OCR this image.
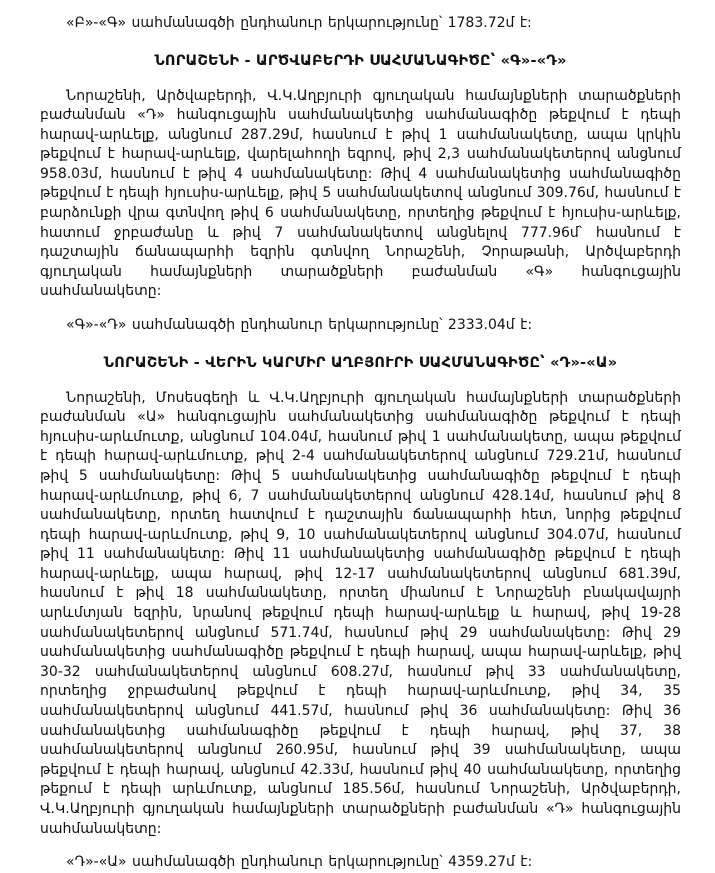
«Բ»-«Գ» սահմանագծի ընդհանուր երկարությունը՝ 1783.72մ է:

ՆՈՐԱՇԵՆԻ - ԱՐԾՎԱԲԵՐԴԻ ՍԱՀՄԱՆԱԳԻԾԸ՝ «Գ»-«Դ»

Նորաշենի, Արծվաբերդի, Վ.Կ.Աղբյուրի գյուղական համայնքների տարածքների բաժանման «Դ» հանգուցային սահմանակետից սահմանագիծը թեքվում է դեպի հարավ-արևելք, անցնում 287.29մ, հասնում է թիվ 1 սահմանակետը, ապա կրկին թեքվում է հարավ-արևելք, վարելահողի եզրով, թիվ 2,3 սահմանակետերով անցնում 958.03մ, հասնում է թիվ 4 սահմանակետը: Թիվ 4 սահմանակետից սահմանագիծը թեքվում է դեպի հյուսիս-արևելք, թիվ 5 սահմանակետով անցնում 309.76մ, հասնում է բարձունքի վրա գտնվող թիվ 6 սահմանակետը, որտեղից թեքվում է հյուսիս-արևելք, հատում ջրբաժանը և թիվ 7 սահմանակետով անցնելով 777.96մ՝ հասնում է դաշտային ճանապարհի եզրին գտնվող Նորաշենի, Չորաթանի, Արծվաբերդի գյուղական համայնքների տարածքների բաժանման «Գ» հանգուցային սահմանակետը:

«Գ»-«Դ» սահմանագծի ընդհանուր երկարությունը՝ 2333.04մ է:

ՆՈՐԱՇԵՆԻ - ՎԵՐԻՆ ԿԱՐՄԻՐ ԱՂԲՅՈՒՐԻ ՍԱՀՄԱՆԱԳԻԾԸ՝ «Դ»-«Ա»

Նորաշենի, Մոսեսգեղի և Վ.Կ.Աղբյուրի գյուղական համայնքների տարածքների բաժանման «Ա» հանգուցային սահմանակետից սահմանագիծը թեքվում է դեպի հյուսիս-արևմուտք, անցնում 104.04մ, հասնում թիվ 1 սահմանակետը, ապա թեքվում է դեպի հարավ-արևմուտք, թիվ 2-4 սահմանակետերով անցնում 729.21մ, հասնում թիվ 5 սահմանակետը: Թիվ 5 սահմանակետից սահմանագիծը թեքվում է դեպի հարավ-արևմուտք, թիվ 6, 7 սահմանակետերով անցնում 428.14մ, հասնում թիվ 8 սահմանակետը, որտեղ հատվում է դաշտային ճանապարհի հետ, նորից թեքվում դեպի հարավ-արևմուտք, թիվ 9, 10 սահմանակետերով անցնում 304.07մ, հասնում թիվ 11 սահմանակետը: Թիվ 11 սահմանակետից սահմանագիծը թեքվում է դեպի հարավ-արևելք, ապա հարավ, թիվ 12-17 սահմանակետերով անցնում 681.39մ, հասնում է թիվ 18 սահմանակետը, որտեղ միանում է Նորաշենի բնակավայրի արևմտյան եզրին, նրանով թեքվում դեպի հարավ-արևելք և հարավ, թիվ 19-28 սահմանակետերով անցնում 571.74մ, հասնում թիվ 29 սահմանակետը: Թիվ 29 սահմանակետից սահմանագիծը թեքվում է դեպի հարավ, ապա հարավ-արևելք, թիվ 30-32 սահմանակետերով անցնում 608.27մ, հասնում թիվ 33 սահմանակետը, որտեղից ջրբաժանով թեքվում է դեպի հարավ-արևմուտք, թիվ 34, 35 սահմանակետերով անցնում 441.57մ, հասնում թիվ 36 սահմանակետը: Թիվ 36 սահմանակետից սահմանագիծը թեքվում է դեպի հարավ, թիվ 37, 38 սահմանակետերով անցնում 260.95մ, հասնում թիվ 39 սահմանակետը, ապա թեքվում է դեպի հարավ, անցնում 42.33մ, հասնում թիվ 40 սահմանակետը, որտեղից թեքում է դեպի արևմուտք, անցնում 185.56մ, հասնում Նորաշենի, Արծվաբերդի, Վ.Կ.Աղբյուրի գյուղական համայնքների տարածքների բաժանման «Դ» հանգուցային սահմանակետը:

«Դ»-«Ա» սահմանագծի ընդհանուր երկարությունը՝ 4359.27մ է:
